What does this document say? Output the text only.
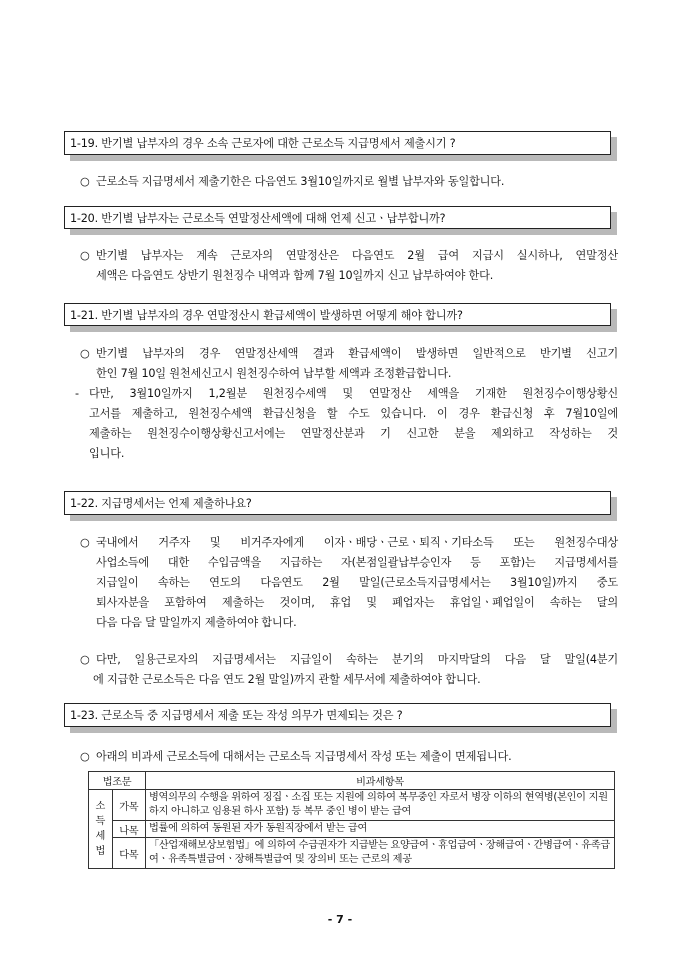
1-19. 반기별 납부자의 경우 소속 근로자에 대한 근로소득 지급명세서 제출시기 ?
○ 근로소득 지급명세서 제출기한은 다음연도 3월10일까지로 월별 납부자와 동일합니다.
1-20. 반기별 납부자는 근로소득 연말정산세액에 대해 언제 신고ㆍ납부합니까?
○ 반기별 납부자는 계속 근로자의 연말정산은 다음연도 2월 급여 지급시 실시하나, 연말정산
세액은 다음연도 상반기 원천징수 내역과 함께 7월 10일까지 신고 납부하여야 한다.
1-21. 반기별 납부자의 경우 연말정산시 환급세액이 발생하면 어떻게 해야 합니까?
○ 반기별 납부자의 경우 연말정산세액 결과 환급세액이 발생하면 일반적으로 반기별 신고기
한인 7월 10일 원천세신고시 원천징수하여 납부할 세액과 조정환급합니다.
- 다만, 3월10일까지 1,2월분 원천징수세액 및 연말정산 세액을 기재한 원천징수이행상황신
고서를 제출하고, 원천징수세액 환급신청을 할 수도 있습니다. 이 경우 환급신청 후 7월10일에
제출하는 원천징수이행상황신고서에는 연말정산분과 기 신고한 분을 제외하고 작성하는 것
입니다.
1-22. 지급명세서는 언제 제출하나요?
○ 국내에서 거주자 및 비거주자에게 이자ㆍ배당ㆍ근로ㆍ퇴직ㆍ기타소득 또는 원천징수대상
사업소득에 대한 수입금액을 지급하는 자(본점일괄납부승인자 등 포함)는 지급명세서를
지급일이 속하는 연도의 다음연도 2월 말일(근로소득지급명세서는 3월10일)까지 중도
퇴사자분을 포함하여 제출하는 것이며, 휴업 및 폐업자는 휴업일ㆍ폐업일이 속하는 달의
다음 다음 달 말일까지 제출하여야 합니다.
○ 다만, 일용근로자의 지급명세서는 지급일이 속하는 분기의 마지막달의 다음 달 말일(4분기
에 지급한 근로소득은 다음 연도 2월 말일)까지 관할 세무서에 제출하여야 합니다.
1-23. 근로소득 중 지급명세서 제출 또는 작성 의무가 면제되는 것은 ?
○ 아래의 비과세 근로소득에 대해서는 근로소득 지급명세서 작성 또는 제출이 면제됩니다.
법조문		비과세항목
소
득
세
법	가목	병역의무의 수행을 위하여 징집ㆍ소집 또는 지원에 의하여 복무중인 자로서 병장 이하의 현역병(본인이 지원하지 아니하고 임용된 하사 포함) 등 복무 중인 병이 받는 급여
	나목	법률에 의하여 동원된 자가 동원직장에서 받는 급여
	다목	「산업재해보상보험법」에 의하여 수급권자가 지급받는 요양급여ㆍ휴업급여ㆍ장해급여ㆍ간병급여ㆍ유족급여ㆍ유족특별급여ㆍ장해특별급여 및 장의비 또는 근로의 제공
- 7 -
